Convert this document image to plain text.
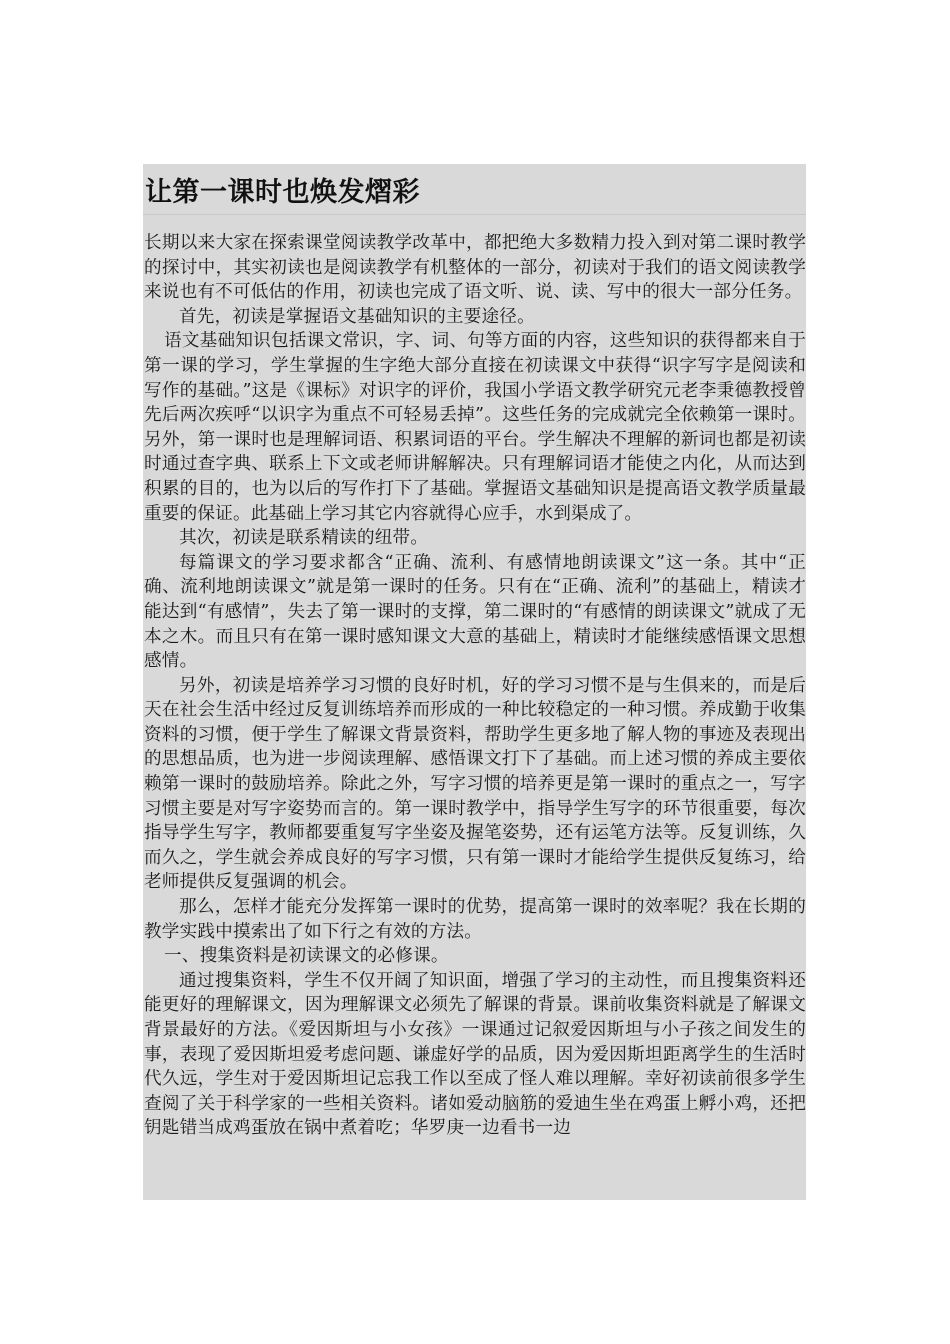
让第一课时也焕发熠彩

长期以来大家在探索课堂阅读教学改革中，都把绝大多数精力投入到对第二课时教学的探讨中，其实初读也是阅读教学有机整体的一部分，初读对于我们的语文阅读教学来说也有不可低估的作用，初读也完成了语文听、说、读、写中的很大一部分任务。

首先，初读是掌握语文基础知识的主要途径。

语文基础知识包括课文常识，字、词、句等方面的内容，这些知识的获得都来自于第一课的学习，学生掌握的生字绝大部分直接在初读课文中获得“识字写字是阅读和写作的基础。”这是《课标》对识字的评价，我国小学语文教学研究元老李秉德教授曾先后两次疾呼“以识字为重点不可轻易丢掉”。这些任务的完成就完全依赖第一课时。另外，第一课时也是理解词语、积累词语的平台。学生解决不理解的新词也都是初读时通过查字典、联系上下文或老师讲解解决。只有理解词语才能使之内化，从而达到积累的目的，也为以后的写作打下了基础。掌握语文基础知识是提高语文教学质量最重要的保证。此基础上学习其它内容就得心应手，水到渠成了。

其次，初读是联系精读的纽带。

每篇课文的学习要求都含“正确、流利、有感情地朗读课文”这一条。其中“正确、流利地朗读课文”就是第一课时的任务。只有在“正确、流利”的基础上，精读才能达到“有感情”，失去了第一课时的支撑，第二课时的“有感情的朗读课文”就成了无本之木。而且只有在第一课时感知课文大意的基础上，精读时才能继续感悟课文思想感情。

另外，初读是培养学习习惯的良好时机，好的学习习惯不是与生俱来的，而是后天在社会生活中经过反复训练培养而形成的一种比较稳定的一种习惯。养成勤于收集资料的习惯，便于学生了解课文背景资料，帮助学生更多地了解人物的事迹及表现出的思想品质，也为进一步阅读理解、感悟课文打下了基础。而上述习惯的养成主要依赖第一课时的鼓励培养。除此之外，写字习惯的培养更是第一课时的重点之一，写字习惯主要是对写字姿势而言的。第一课时教学中，指导学生写字的环节很重要，每次指导学生写字，教师都要重复写字坐姿及握笔姿势，还有运笔方法等。反复训练，久而久之，学生就会养成良好的写字习惯，只有第一课时才能给学生提供反复练习，给老师提供反复强调的机会。

那么，怎样才能充分发挥第一课时的优势，提高第一课时的效率呢？我在长期的教学实践中摸索出了如下行之有效的方法。

一、搜集资料是初读课文的必修课。

通过搜集资料，学生不仅开阔了知识面，增强了学习的主动性，而且搜集资料还能更好的理解课文，因为理解课文必须先了解课的背景。课前收集资料就是了解课文背景最好的方法。《爱因斯坦与小女孩》一课通过记叙爱因斯坦与小子孩之间发生的事，表现了爱因斯坦爱考虑问题、谦虚好学的品质，因为爱因斯坦距离学生的生活时代久远，学生对于爱因斯坦记忘我工作以至成了怪人难以理解。幸好初读前很多学生查阅了关于科学家的一些相关资料。诸如爱动脑筋的爱迪生坐在鸡蛋上孵小鸡，还把钥匙错当成鸡蛋放在锅中煮着吃；华罗庚一边看书一边
